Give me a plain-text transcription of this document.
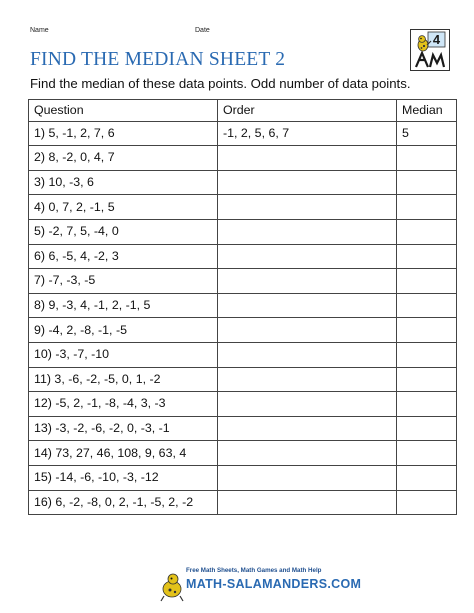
Name	Date
FIND THE MEDIAN SHEET 2
Find the median of these data points. Odd number of data points.
4
Question	Order	Median
1) 5, -1, 2, 7, 6	-1, 2, 5, 6, 7	5
2) 8, -2, 0, 4, 7		
3) 10, -3, 6		
4) 0, 7, 2, -1, 5		
5) -2, 7, 5, -4, 0		
6) 6, -5, 4, -2, 3		
7) -7, -3, -5		
8) 9, -3, 4, -1, 2, -1, 5		
9) -4, 2, -8, -1, -5		
10) -3, -7, -10		
11) 3, -6, -2, -5, 0, 1, -2		
12) -5, 2, -1, -8, -4, 3, -3		
13) -3, -2, -6, -2, 0, -3, -1		
14) 73, 27, 46, 108, 9, 63, 4		
15) -14, -6, -10, -3, -12		
16) 6, -2, -8, 0, 2, -1, -5, 2, -2		
Free Math Sheets, Math Games and Math Help
MATH-SALAMANDERS.COM
